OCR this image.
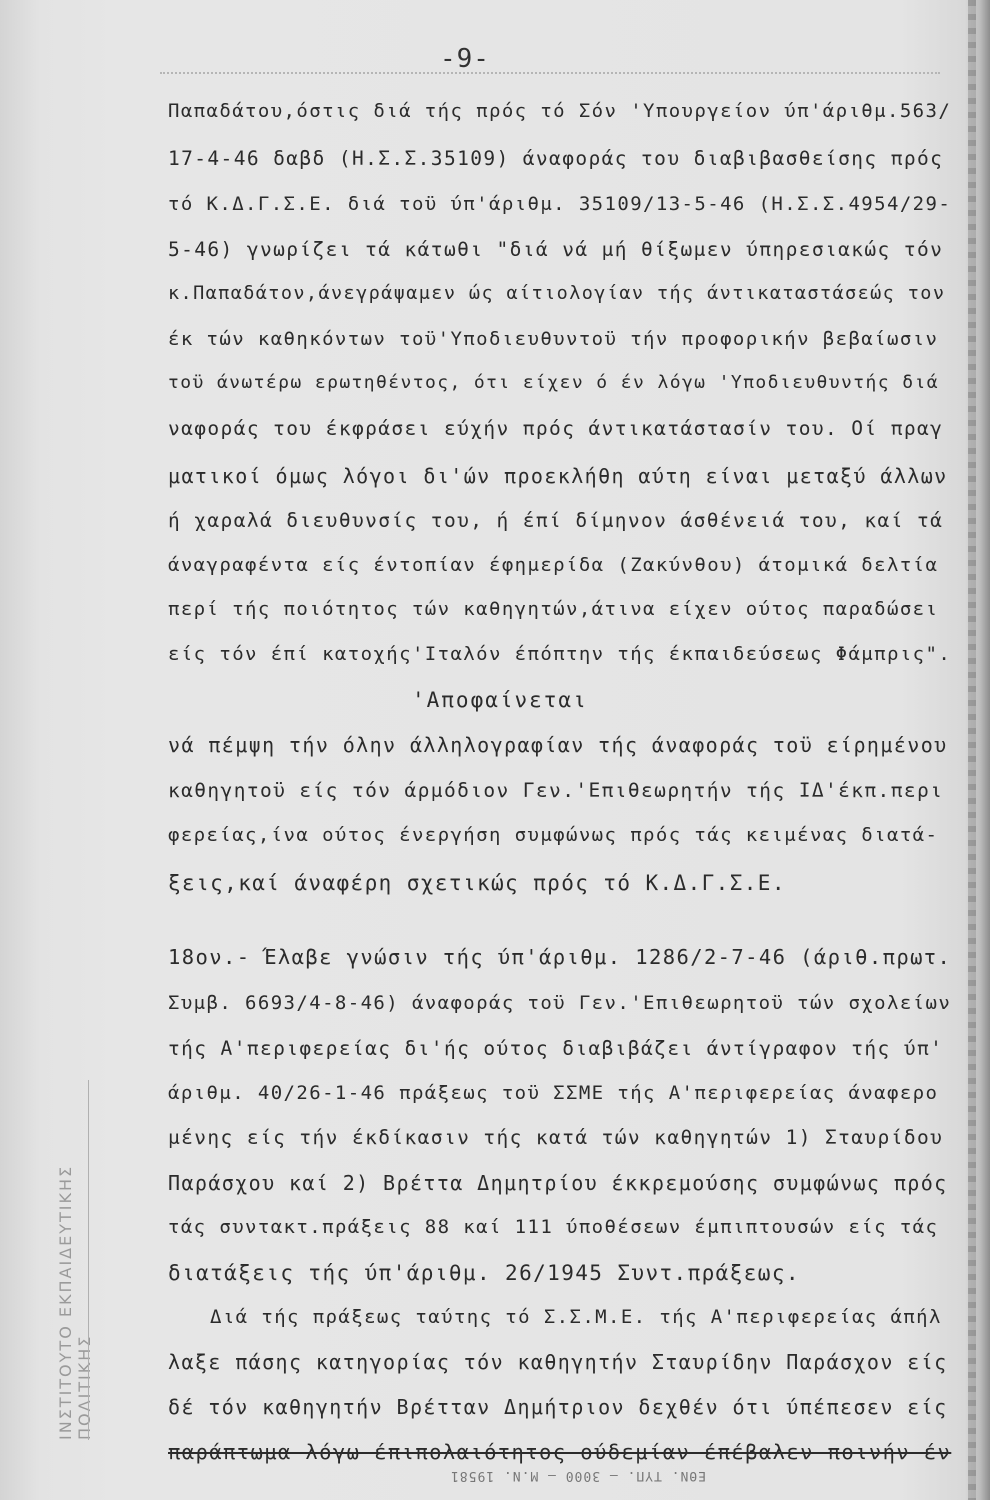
-9-
Παπαδάτου,όστις διά τής πρός τό Σόν 'Υπουργείον ύπ'άριθμ.563/
17-4-46 δαβδ (Η.Σ.Σ.35109) άναφοράς του διαβιβασθείσης πρός
τό Κ.Δ.Γ.Σ.Ε. διά τοϋ ύπ'άριθμ. 35109/13-5-46 (Η.Σ.Σ.4954/29-
5-46) γνωρίζει τά κάτωθι "διά νά μή θίξωμεν ύπηρεσιακώς τόν
κ.Παπαδάτον,άνεγράψαμεν ώς αίτιολογίαν τής άντικαταστάσεώς τον
έκ τών καθηκόντων τοϋ'Υποδιευθυντοϋ τήν προφορικήν βεβαίωσιν
τοϋ άνωτέρω ερωτηθέντος, ότι είχεν ό έν λόγω 'Υποδιευθυντής διά
ναφοράς του έκφράσει εύχήν πρός άντικατάστασίν του. Οί πραγ
ματικοί όμως λόγοι δι'ών προεκλήθη αύτη είναι μεταξύ άλλων
ή χαραλά διευθυνσίς του, ή έπί δίμηνον άσθένειά του, καί τά
άναγραφέντα είς έντοπίαν έφημερίδα (Ζακύνθου) άτομικά δελτία
περί τής ποιότητος τών καθηγητών,άτινα είχεν ούτος παραδώσει
είς τόν έπί κατοχής'Ιταλόν έπόπτην τής έκπαιδεύσεως Φάμπρις".
'Αποφαίνεται
νά πέμψη τήν όλην άλληλογραφίαν τής άναφοράς τοϋ είρημένου
καθηγητοϋ είς τόν άρμόδιον Γεν.'Επιθεωρητήν τής ΙΔ'έκπ.περι
φερείας,ίνα ούτος ένεργήση συμφώνως πρός τάς κειμένας διατά-
ξεις,καί άναφέρη σχετικώς πρός τό Κ.Δ.Γ.Σ.Ε.
18ον.- Έλαβε γνώσιν τής ύπ'άριθμ. 1286/2-7-46 (άριθ.πρωτ.
Συμβ. 6693/4-8-46) άναφοράς τοϋ Γεν.'Επιθεωρητοϋ τών σχολείων
τής Α'περιφερείας δι'ής ούτος διαβιβάζει άντίγραφον τής ύπ'
άριθμ. 40/26-1-46 πράξεως τοϋ ΣΣΜΕ τής Α'περιφερείας άναφερο
μένης είς τήν έκδίκασιν τής κατά τών καθηγητών 1) Σταυρίδου
Παράσχου καί 2) Βρέττα Δημητρίου έκκρεμούσης συμφώνως πρός
τάς συντακτ.πράξεις 88 καί 111 ύποθέσεων έμπιπτουσών είς τάς
διατάξεις τής ύπ'άριθμ. 26/1945 Συντ.πράξεως.
Διά τής πράξεως ταύτης τό Σ.Σ.Μ.Ε. τής Α'περιφερείας άπήλ
λαξε πάσης κατηγορίας τόν καθηγητήν Σταυρίδην Παράσχον είς
δέ τόν καθηγητήν Βρέτταν Δημήτριον δεχθέν ότι ύπέπεσεν είς
παράπτωμα λόγω έπιπολαιότητος ούδεμίαν έπέβαλεν ποινήν έν
ΙΝΣΤΙΤΟΥΤΟ ΕΚΠΑΙΔΕΥΤΙΚΗΣ ΠΟΛΙΤΙΚΗΣ
ΕΘΝ. ΤΥΠ. — 3000 — Μ.Ν. 19581
